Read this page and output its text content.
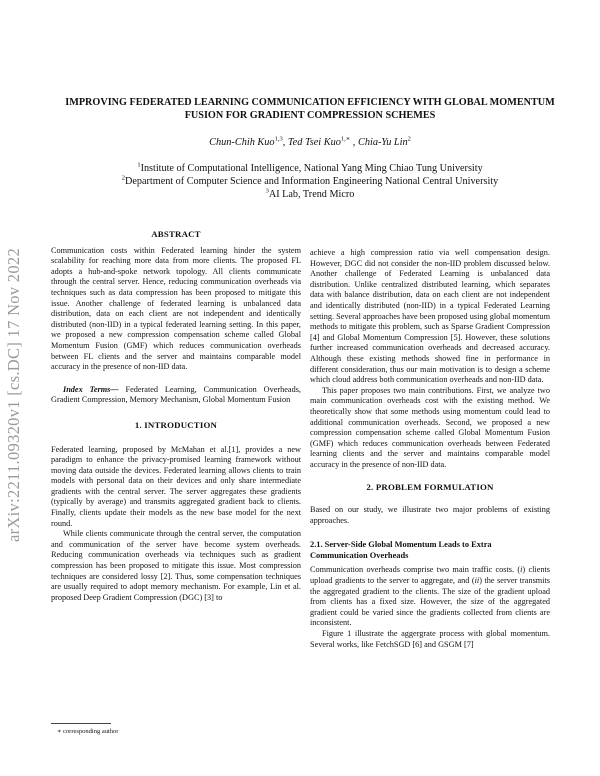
arXiv:2211.09320v1 [cs.DC] 17 Nov 2022
IMPROVING FEDERATED LEARNING COMMUNICATION EFFICIENCY WITH GLOBAL MOMENTUM FUSION FOR GRADIENT COMPRESSION SCHEMES
Chun-Chih Kuo$^{1,3}$, Ted Tsei Kuo$^{1,∗}$ , Chia-Yu Lin$^2$
$^1$Institute of Computational Intelligence, National Yang Ming Chiao Tung University
$^2$Department of Computer Science and Information Engineering National Central University
$^3$AI Lab, Trend Micro
ABSTRACT

Communication costs within Federated learning hinder the system scalability for reaching more data from more clients. The proposed FL adopts a hub-and-spoke network topology. All clients communicate through the central server. Hence, reducing communication overheads via techniques such as data compression has been proposed to mitigate this issue. Another challenge of federated learning is unbalanced data distribution, data on each client are not independent and identically distributed (non-IID) in a typical federated learning setting. In this paper, we proposed a new compression compensation scheme called Global Momentum Fusion (GMF) which reduces communication overheads between FL clients and the server and maintains comparable model accuracy in the presence of non-IID data.

Index Terms— Federated Learning, Communication Overheads, Gradient Compression, Memory Mechanism, Global Momentum Fusion

1. INTRODUCTION

Federated learning, proposed by McMahan et al.[1], provides a new paradigm to enhance the privacy-promised learning framework without moving data outside the devices. Federated learning allows clients to train models with personal data on their devices and only share intermediate gradients with the central server. The server aggregates these gradients (typically by average) and transmits aggregated gradient back to clients. Finally, clients update their models as the new base model for the next round.

While clients communicate through the central server, the computation and communication of the server have become system overheads. Reducing communication overheads via techniques such as gradient compression has been proposed to mitigate this issue. Most compression techniques are considered lossy [2]. Thus, some compensation techniques are usually required to adopt memory mechanism. For example, Lin et al. proposed Deep Gradient Compression (DGC) [3] to

achieve a high compression ratio via well compensation design. However, DGC did not consider the non-IID problem discussed below. Another challenge of Federated Learning is unbalanced data distribution. Unlike centralized distributed learning, which separates data with balance distribution, data on each client are not independent and identically distributed (non-IID) in a typical Federated Learning setting. Several approaches have been proposed using global momentum methods to mitigate this problem, such as Sparse Gradient Compression [4] and Global Momentum Compression [5]. However, these solutions further increased communication overheads and decreased accuracy. Although these existing methods showed fine in performance in different consideration, thus our main motivation is to design a scheme which cloud address both communication overheads and non-IID data.

This paper proposes two main contributions. First, we analyze two main communication overheads cost with the existing method. We theoretically show that some methods using momentum could lead to additional communication overheads. Second, we proposed a new compression compensation scheme called Global Momentum Fusion (GMF) which reduces communication overheads between Federated learning clients and the server and maintains comparable model accuracy in the presence of non-IID data.

2. PROBLEM FORMULATION

Based on our study, we illustrate two major problems of existing approaches.

2.1. Server-Side Global Momentum Leads to Extra Communication Overheads

Communication overheads comprise two main traffic costs. (i) clients upload gradients to the server to aggregate, and (ii) the server transmits the aggregated gradient to the clients. The size of the gradient upload from clients has a fixed size. However, the size of the aggregated gradient could be varied since the gradients collected from clients are inconsistent.

Figure 1 illustrate the aggergrate process with global momentum. Several works, like FetchSGD [6] and GSGM [7]

∗ corresponding author
